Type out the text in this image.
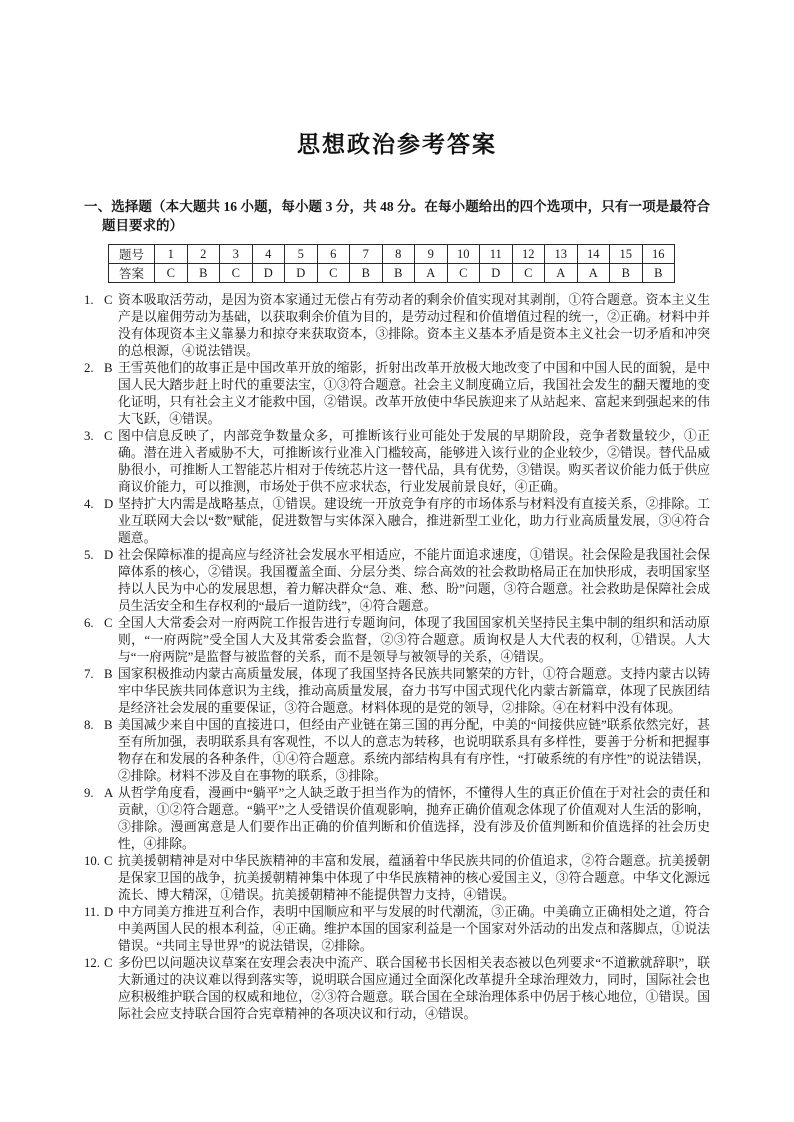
思想政治参考答案

一、选择题（本大题共 16 小题，每小题 3 分，共 48 分。在每小题给出的四个选项中，只有一项是最符合题目要求的）

题号	1	2	3	4	5	6	7	8	9	10	11	12	13	14	15	16
答案	C	B	C	D	D	C	B	B	A	C	D	C	A	A	B	B
1. C 资本吸取活劳动，是因为资本家通过无偿占有劳动者的剩余价值实现对其剥削，①符合题意。资本主义生产是以雇佣劳动为基础，以获取剩余价值为目的，是劳动过程和价值增值过程的统一，②正确。材料中并没有体现资本主义靠暴力和掠夺来获取资本，③排除。资本主义基本矛盾是资本主义社会一切矛盾和冲突的总根源，④说法错误。
2. B 王雪英他们的故事正是中国改革开放的缩影，折射出改革开放极大地改变了中国和中国人民的面貌，是中国人民大踏步赶上时代的重要法宝，①③符合题意。社会主义制度确立后，我国社会发生的翻天覆地的变化证明，只有社会主义才能救中国，②错误。改革开放使中华民族迎来了从站起来、富起来到强起来的伟大飞跃，④错误。
3. C 图中信息反映了，内部竞争数量众多，可推断该行业可能处于发展的早期阶段，竞争者数量较少，①正确。潜在进入者威胁不大，可推断该行业准入门槛较高，能够进入该行业的企业较少，②错误。替代品威胁很小，可推断人工智能芯片相对于传统芯片这一替代品，具有优势，③错误。购买者议价能力低于供应商议价能力，可以推测，市场处于供不应求状态，行业发展前景良好，④正确。
4. D 坚持扩大内需是战略基点，①错误。建设统一开放竞争有序的市场体系与材料没有直接关系，②排除。工业互联网大会以“数”赋能，促进数智与实体深入融合，推进新型工业化，助力行业高质量发展，③④符合题意。
5. D 社会保障标准的提高应与经济社会发展水平相适应，不能片面追求速度，①错误。社会保险是我国社会保障体系的核心，②错误。我国覆盖全面、分层分类、综合高效的社会救助格局正在加快形成，表明国家坚持以人民为中心的发展思想，着力解决群众“急、难、愁、盼”问题，③符合题意。社会救助是保障社会成员生活安全和生存权利的“最后一道防线”，④符合题意。
6. C 全国人大常委会对一府两院工作报告进行专题询问，体现了我国国家机关坚持民主集中制的组织和活动原则，“一府两院”受全国人大及其常委会监督，②③符合题意。质询权是人大代表的权利，①错误。人大与“一府两院”是监督与被监督的关系，而不是领导与被领导的关系，④错误。
7. B 国家积极推动内蒙古高质量发展，体现了我国坚持各民族共同繁荣的方针，①符合题意。支持内蒙古以铸牢中华民族共同体意识为主线，推动高质量发展，奋力书写中国式现代化内蒙古新篇章，体现了民族团结是经济社会发展的重要保证，③符合题意。材料体现的是党的领导，②排除。④在材料中没有体现。
8. B 美国减少来自中国的直接进口，但经由产业链在第三国的再分配，中美的“间接供应链”联系依然完好，甚至有所加强，表明联系具有客观性，不以人的意志为转移，也说明联系具有多样性，要善于分析和把握事物存在和发展的各种条件，①④符合题意。系统内部结构具有有序性，“打破系统的有序性”的说法错误，②排除。材料不涉及自在事物的联系，③排除。
9. A 从哲学角度看，漫画中“躺平”之人缺乏敢于担当作为的情怀，不懂得人生的真正价值在于对社会的责任和贡献，①②符合题意。“躺平”之人受错误价值观影响，抛弃正确价值观念体现了价值观对人生活的影响，③排除。漫画寓意是人们要作出正确的价值判断和价值选择，没有涉及价值判断和价值选择的社会历史性，④排除。
10. C 抗美援朝精神是对中华民族精神的丰富和发展，蕴涵着中华民族共同的价值追求，②符合题意。抗美援朝是保家卫国的战争，抗美援朝精神集中体现了中华民族精神的核心爱国主义，③符合题意。中华文化源远流长、博大精深，①错误。抗美援朝精神不能提供智力支持，④错误。
11. D 中方同美方推进互利合作，表明中国顺应和平与发展的时代潮流，③正确。中美确立正确相处之道，符合中美两国人民的根本利益，④正确。维护本国的国家利益是一个国家对外活动的出发点和落脚点，①说法错误。“共同主导世界”的说法错误，②排除。
12. C 多份巴以问题决议草案在安理会表决中流产、联合国秘书长因相关表态被以色列要求“不道歉就辞职”，联大新通过的决议难以得到落实等，说明联合国应通过全面深化改革提升全球治理效力，同时，国际社会也应积极维护联合国的权威和地位，②③符合题意。联合国在全球治理体系中仍居于核心地位，①错误。国际社会应支持联合国符合宪章精神的各项决议和行动，④错误。
